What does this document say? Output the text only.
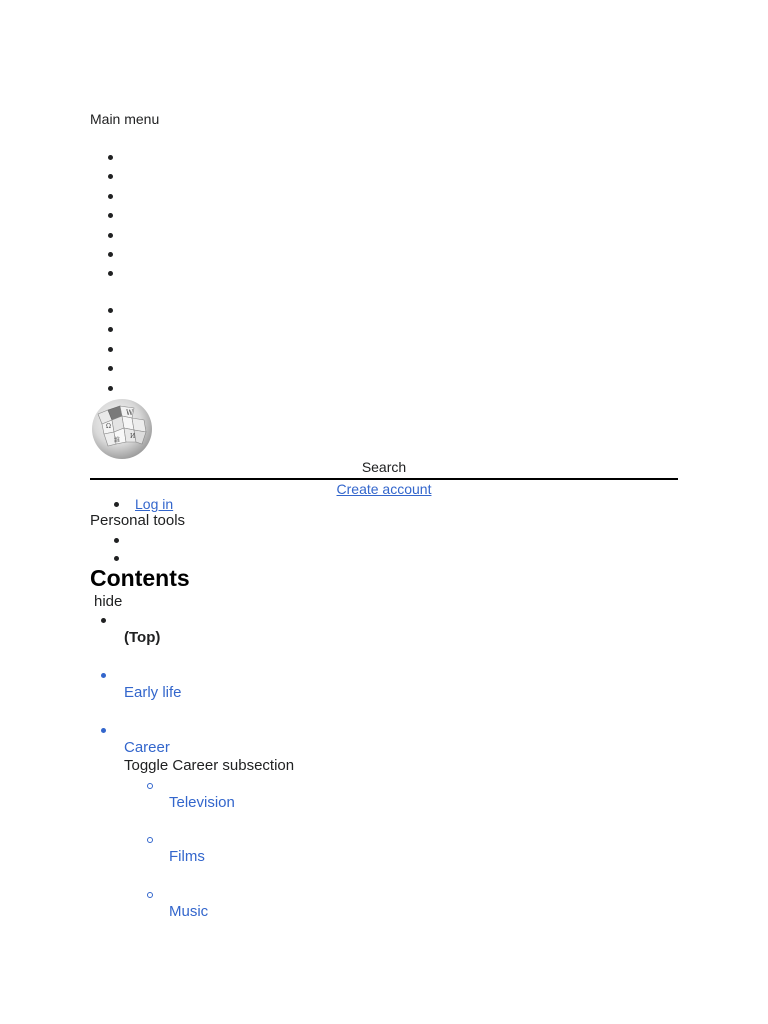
Main menu
W
Ω
И
維
Search
Create account
Log in
Personal tools
Contents
hide
(Top)
Early life
Career
Toggle Career subsection
Television
Films
Music
